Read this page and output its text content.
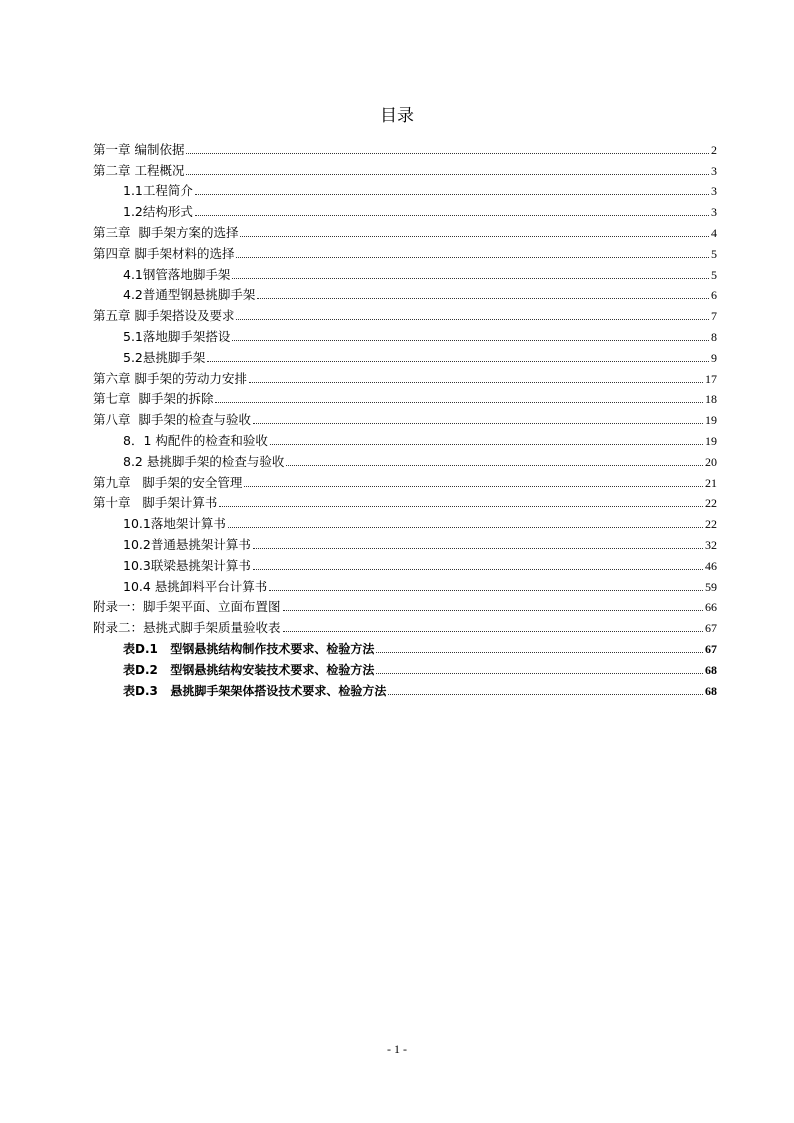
目录
第一章 编制依据	2
第二章 工程概况	3
1.1工程简介	3
1.2结构形式	3
第三章  脚手架方案的选择	4
第四章 脚手架材料的选择	5
4.1钢管落地脚手架	5
4.2普通型钢悬挑脚手架	6
第五章 脚手架搭设及要求	7
5.1落地脚手架搭设	8
5.2悬挑脚手架	9
第六章 脚手架的劳动力安排	17
第七章  脚手架的拆除	18
第八章  脚手架的检查与验收	19
8．1 构配件的检查和验收	19
8.2 悬挑脚手架的检查与验收	20
第九章   脚手架的安全管理	21
第十章   脚手架计算书	22
10.1落地架计算书	22
10.2普通悬挑架计算书	32
10.3联梁悬挑架计算书	46
10.4 悬挑卸料平台计算书	59
附录一：脚手架平面、立面布置图	66
附录二：悬挑式脚手架质量验收表	67
表D.1   型钢悬挑结构制作技术要求、检验方法	67
表D.2   型钢悬挑结构安装技术要求、检验方法	68
表D.3   悬挑脚手架架体搭设技术要求、检验方法	68
- 1 -
